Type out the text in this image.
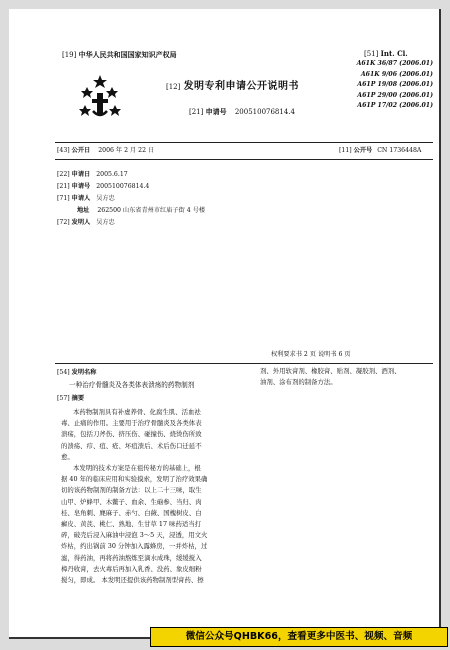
[19] 中华人民共和国国家知识产权局
[12] 发明专利申请公开说明书
[21] 申请号 200510076814.4
[51] Int. Cl.
A61K 36/87 (2006.01)
A61K 9/06 (2006.01)
A61P 19/08 (2006.01)
A61P 29/00 (2006.01)
A61P 17/02 (2006.01)
[43] 公开日 2006 年 2 月 22 日	[11] 公开号 CN 1736448A
[22] 申请日 2005.6.17
[21] 申请号 200510076814.4
[71] 申请人 吴方忠
地址 262500 山东省青州市红庙子街 4 号楼
[72] 发明人 吴方忠
权利要求书 2 页 说明书 6 页
[54] 发明名称
一种治疗骨髓炎及各类体表溃疡的药物制剂
[57] 摘要
本药物制剂具有补虚养骨、化腐生肌、活血祛
毒、止痛的作用。主要用于治疗骨髓炎及各类体表
溃疡，包括刀斧伤、挤压伤、碰撞伤、烧烫伤所致
的溃疡、疖、疽、疮、坏疽溃后、术后伤口迁延不
愈。
本发明的技术方案是在祖传秘方的基础上，根
据 40 年的临床应用和实验摸索，发明了治疗效果确
切的该药物制剂的制备方法：以上二十三味，取生
山甲、炉蜂甲、木鳖子、血余、生硇参、当归、肉
桂、皂角刺、麂麻子、赤勺、白薇、国槐树皮、白
癣皮、黄芪、桃仁、熟地、生甘草 17 味药适当打
碎，破壳后浸入麻油中浸泡 3～5 天，浸透，用文火
炸枯，约出锅前 30 分钟加入露蜂房，一并炸枯，过
滤，得药油，再将药油熬炼至滴水成珠，缓缓搅入
樟丹收膏，去火毒后再加入乳香、没药、象皮细粉
搅匀，即成。 本发明还提供该药物制剂型膏药、擦
剂、外用软膏剂、橡胶膏、贴剂、凝胶剂、酒剂、
油剂、涂布剂的制备方法。
微信公众号QHBK66，查看更多中医书、视频、音频
